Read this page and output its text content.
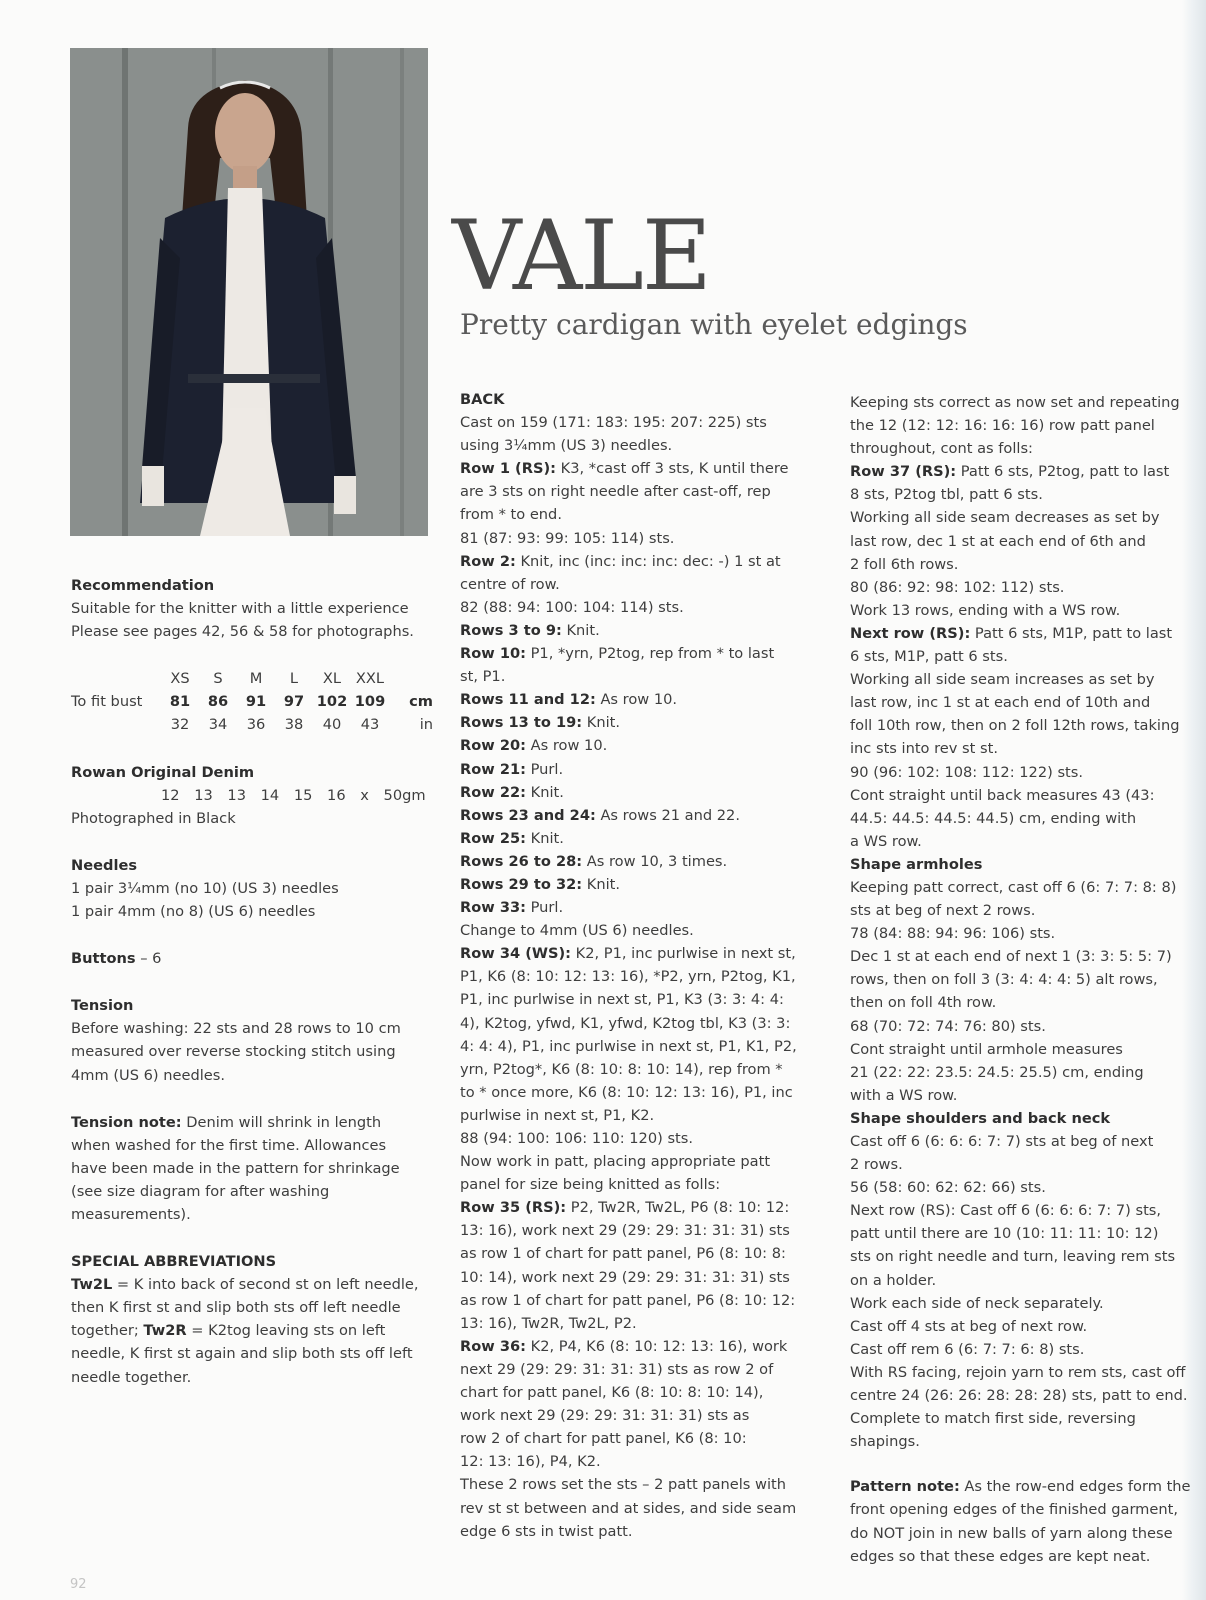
VALE

Pretty cardigan with eyelet edgings

Recommendation

Suitable for the knitter with a little experience

Please see pages 42, 56 & 58 for photographs.

	XS	S	M	L	XL	XXL	
To fit bust	81	86	91	97	102	109	cm
	32	34	36	38	40	43	in

Rowan Original Denim

12 13 13 14 15 16 x 50gm

Photographed in Black

Needles

1 pair 3¼mm (no 10) (US 3) needles

1 pair 4mm (no 8) (US 6) needles

Buttons – 6

Tension

Before washing: 22 sts and 28 rows to 10 cm

measured over reverse stocking stitch using

4mm (US 6) needles.

Tension note: Denim will shrink in length

when washed for the first time. Allowances

have been made in the pattern for shrinkage

(see size diagram for after washing

measurements).

SPECIAL ABBREVIATIONS

Tw2L = K into back of second st on left needle,

then K first st and slip both sts off left needle

together; Tw2R = K2tog leaving sts on left

needle, K first st again and slip both sts off left

needle together.

BACK

Cast on 159 (171: 183: 195: 207: 225) sts

using 3¼mm (US 3) needles.

Row 1 (RS): K3, *cast off 3 sts, K until there

are 3 sts on right needle after cast-off, rep

from * to end.

81 (87: 93: 99: 105: 114) sts.

Row 2: Knit, inc (inc: inc: inc: dec: -) 1 st at

centre of row.

82 (88: 94: 100: 104: 114) sts.

Rows 3 to 9: Knit.

Row 10: P1, *yrn, P2tog, rep from * to last

st, P1.

Rows 11 and 12: As row 10.

Rows 13 to 19: Knit.

Row 20: As row 10.

Row 21: Purl.

Row 22: Knit.

Rows 23 and 24: As rows 21 and 22.

Row 25: Knit.

Rows 26 to 28: As row 10, 3 times.

Rows 29 to 32: Knit.

Row 33: Purl.

Change to 4mm (US 6) needles.

Row 34 (WS): K2, P1, inc purlwise in next st,

P1, K6 (8: 10: 12: 13: 16), *P2, yrn, P2tog, K1,

P1, inc purlwise in next st, P1, K3 (3: 3: 4: 4:

4), K2tog, yfwd, K1, yfwd, K2tog tbl, K3 (3: 3:

4: 4: 4), P1, inc purlwise in next st, P1, K1, P2,

yrn, P2tog*, K6 (8: 10: 8: 10: 14), rep from *

to * once more, K6 (8: 10: 12: 13: 16), P1, inc

purlwise in next st, P1, K2.

88 (94: 100: 106: 110: 120) sts.

Now work in patt, placing appropriate patt

panel for size being knitted as folls:

Row 35 (RS): P2, Tw2R, Tw2L, P6 (8: 10: 12:

13: 16), work next 29 (29: 29: 31: 31: 31) sts

as row 1 of chart for patt panel, P6 (8: 10: 8:

10: 14), work next 29 (29: 29: 31: 31: 31) sts

as row 1 of chart for patt panel, P6 (8: 10: 12:

13: 16), Tw2R, Tw2L, P2.

Row 36: K2, P4, K6 (8: 10: 12: 13: 16), work

next 29 (29: 29: 31: 31: 31) sts as row 2 of

chart for patt panel, K6 (8: 10: 8: 10: 14),

work next 29 (29: 29: 31: 31: 31) sts as

row 2 of chart for patt panel, K6 (8: 10:

12: 13: 16), P4, K2.

These 2 rows set the sts – 2 patt panels with

rev st st between and at sides, and side seam

edge 6 sts in twist patt.

Keeping sts correct as now set and repeating

the 12 (12: 12: 16: 16: 16) row patt panel

throughout, cont as folls:

Row 37 (RS): Patt 6 sts, P2tog, patt to last

8 sts, P2tog tbl, patt 6 sts.

Working all side seam decreases as set by

last row, dec 1 st at each end of 6th and

2 foll 6th rows.

80 (86: 92: 98: 102: 112) sts.

Work 13 rows, ending with a WS row.

Next row (RS): Patt 6 sts, M1P, patt to last

6 sts, M1P, patt 6 sts.

Working all side seam increases as set by

last row, inc 1 st at each end of 10th and

foll 10th row, then on 2 foll 12th rows, taking

inc sts into rev st st.

90 (96: 102: 108: 112: 122) sts.

Cont straight until back measures 43 (43:

44.5: 44.5: 44.5: 44.5) cm, ending with

a WS row.

Shape armholes

Keeping patt correct, cast off 6 (6: 7: 7: 8: 8)

sts at beg of next 2 rows.

78 (84: 88: 94: 96: 106) sts.

Dec 1 st at each end of next 1 (3: 3: 5: 5: 7)

rows, then on foll 3 (3: 4: 4: 4: 5) alt rows,

then on foll 4th row.

68 (70: 72: 74: 76: 80) sts.

Cont straight until armhole measures

21 (22: 22: 23.5: 24.5: 25.5) cm, ending

with a WS row.

Shape shoulders and back neck

Cast off 6 (6: 6: 6: 7: 7) sts at beg of next

2 rows.

56 (58: 60: 62: 62: 66) sts.

Next row (RS): Cast off 6 (6: 6: 6: 7: 7) sts,

patt until there are 10 (10: 11: 11: 10: 12)

sts on right needle and turn, leaving rem sts

on a holder.

Work each side of neck separately.

Cast off 4 sts at beg of next row.

Cast off rem 6 (6: 7: 7: 6: 8) sts.

With RS facing, rejoin yarn to rem sts, cast off

centre 24 (26: 26: 28: 28: 28) sts, patt to end.

Complete to match first side, reversing shapings.

Pattern note: As the row-end edges form the

front opening edges of the finished garment,

do NOT join in new balls of yarn along these

edges so that these edges are kept neat.

92
